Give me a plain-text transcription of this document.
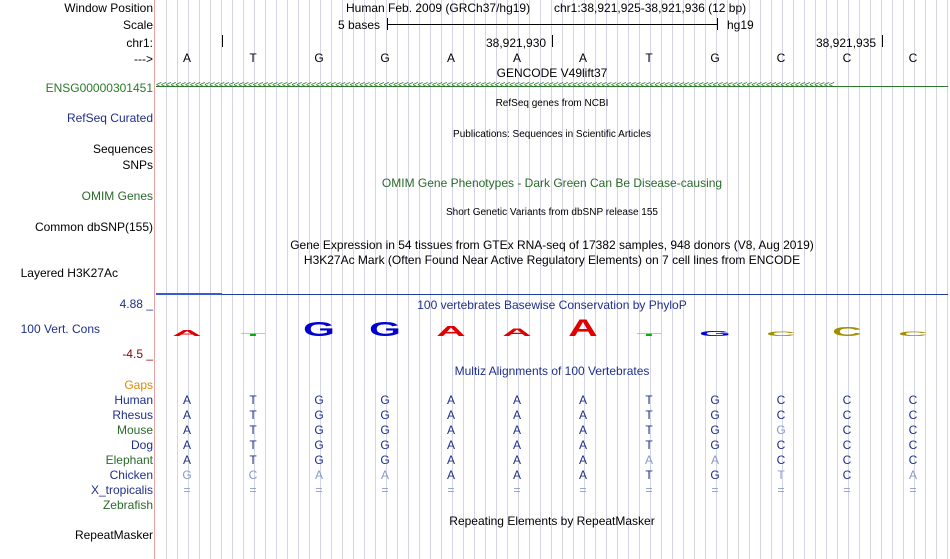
Window Position
Scale
chr1:
--->
ENSG00000301451
RefSeq Curated
Sequences
SNPs
OMIM Genes
Common dbSNP(155)
Layered H3K27Ac
4.88 _
100 Vert. Cons
-4.5 _
Gaps
Human
Rhesus
Mouse
Dog
Elephant
Chicken
X_tropicalis
Zebrafish
RepeatMasker
Human Feb. 2009 (GRCh37/hg19) chr1:38,921,925-38,921,936 (12 bp)
5 bases	hg19
38,921,930	38,921,935
A	T	G	G	A	A	A	T	G	C	C	C
GENCODE V49lift37
<<<<<<<<<<<<<<<<<<<<<<<<<<<<<<<<<<<<<<<<<<<<<<<<<<<<<<<<<<<<<<<<<<<<<<<<<<<<<<<<<<<<<<<<<<<<<<<<<<<<<<<<<<<<<<<<<<<<<<<<<<<<<<<<<<<<<<<<<<<<
RefSeq genes from NCBI
Publications: Sequences in Scientific Articles
OMIM Gene Phenotypes - Dark Green Can Be Disease-causing
Short Genetic Variants from dbSNP release 155
Gene Expression in 54 tissues from GTEx RNA-seq of 17382 samples, 948 donors (V8, Aug 2019)
H3K27Ac Mark (Often Found Near Active Regulatory Elements) on 7 cell lines from ENCODE
100 vertebrates Basewise Conservation by PhyloP
A T G G A A A T G C C C
Multiz Alignments of 100 Vertebrates
A	T	G	G	A	A	A	T	G	C	C	C
A	T	G	G	A	A	A	T	G	C	C	C
A	T	G	G	A	A	A	T	G	G	C	C
A	T	G	G	A	A	A	T	G	C	C	C
A	T	G	G	A	A	A	A	A	C	C	C
G	C	A	A	A	A	A	T	G	T	C	A
=	=	=	=	=	=	=	=	=	=	=	=
Repeating Elements by RepeatMasker
